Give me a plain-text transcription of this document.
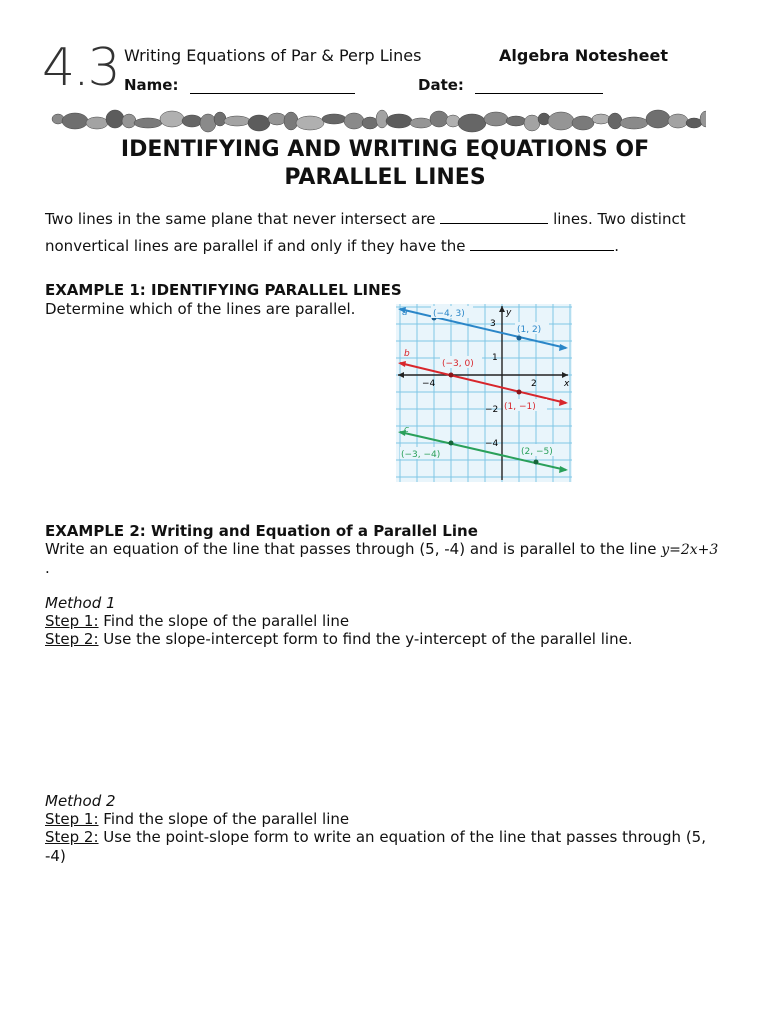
4.3 Writing Equations of Par & Perp Lines	Algebra Notesheet
Name:	Date:
IDENTIFYING AND WRITING EQUATIONS OF
PARALLEL LINES
Two lines in the same plane that never intersect are	lines. Two distinct
nonvertical lines are parallel if and only if they have the	.
EXAMPLE 1: IDENTIFYING PARALLEL LINES
Determine which of the lines are parallel.
x
y
3
1
−4	2
−2
−4
a	(−4, 3)
(1, 2)
b
(−3, 0)
(1, −1)
c
(−3, −4)	(2, −5)
EXAMPLE 2: Writing and Equation of a Parallel Line
Write an equation of the line that passes through (5, -4) and is parallel to the line y=2x+3
.
Method 1
Step 1: Find the slope of the parallel line
Step 2: Use the slope-intercept form to find the y-intercept of the parallel line.
Method 2
Step 1: Find the slope of the parallel line
Step 2: Use the point-slope form to write an equation of the line that passes through (5,
-4)
